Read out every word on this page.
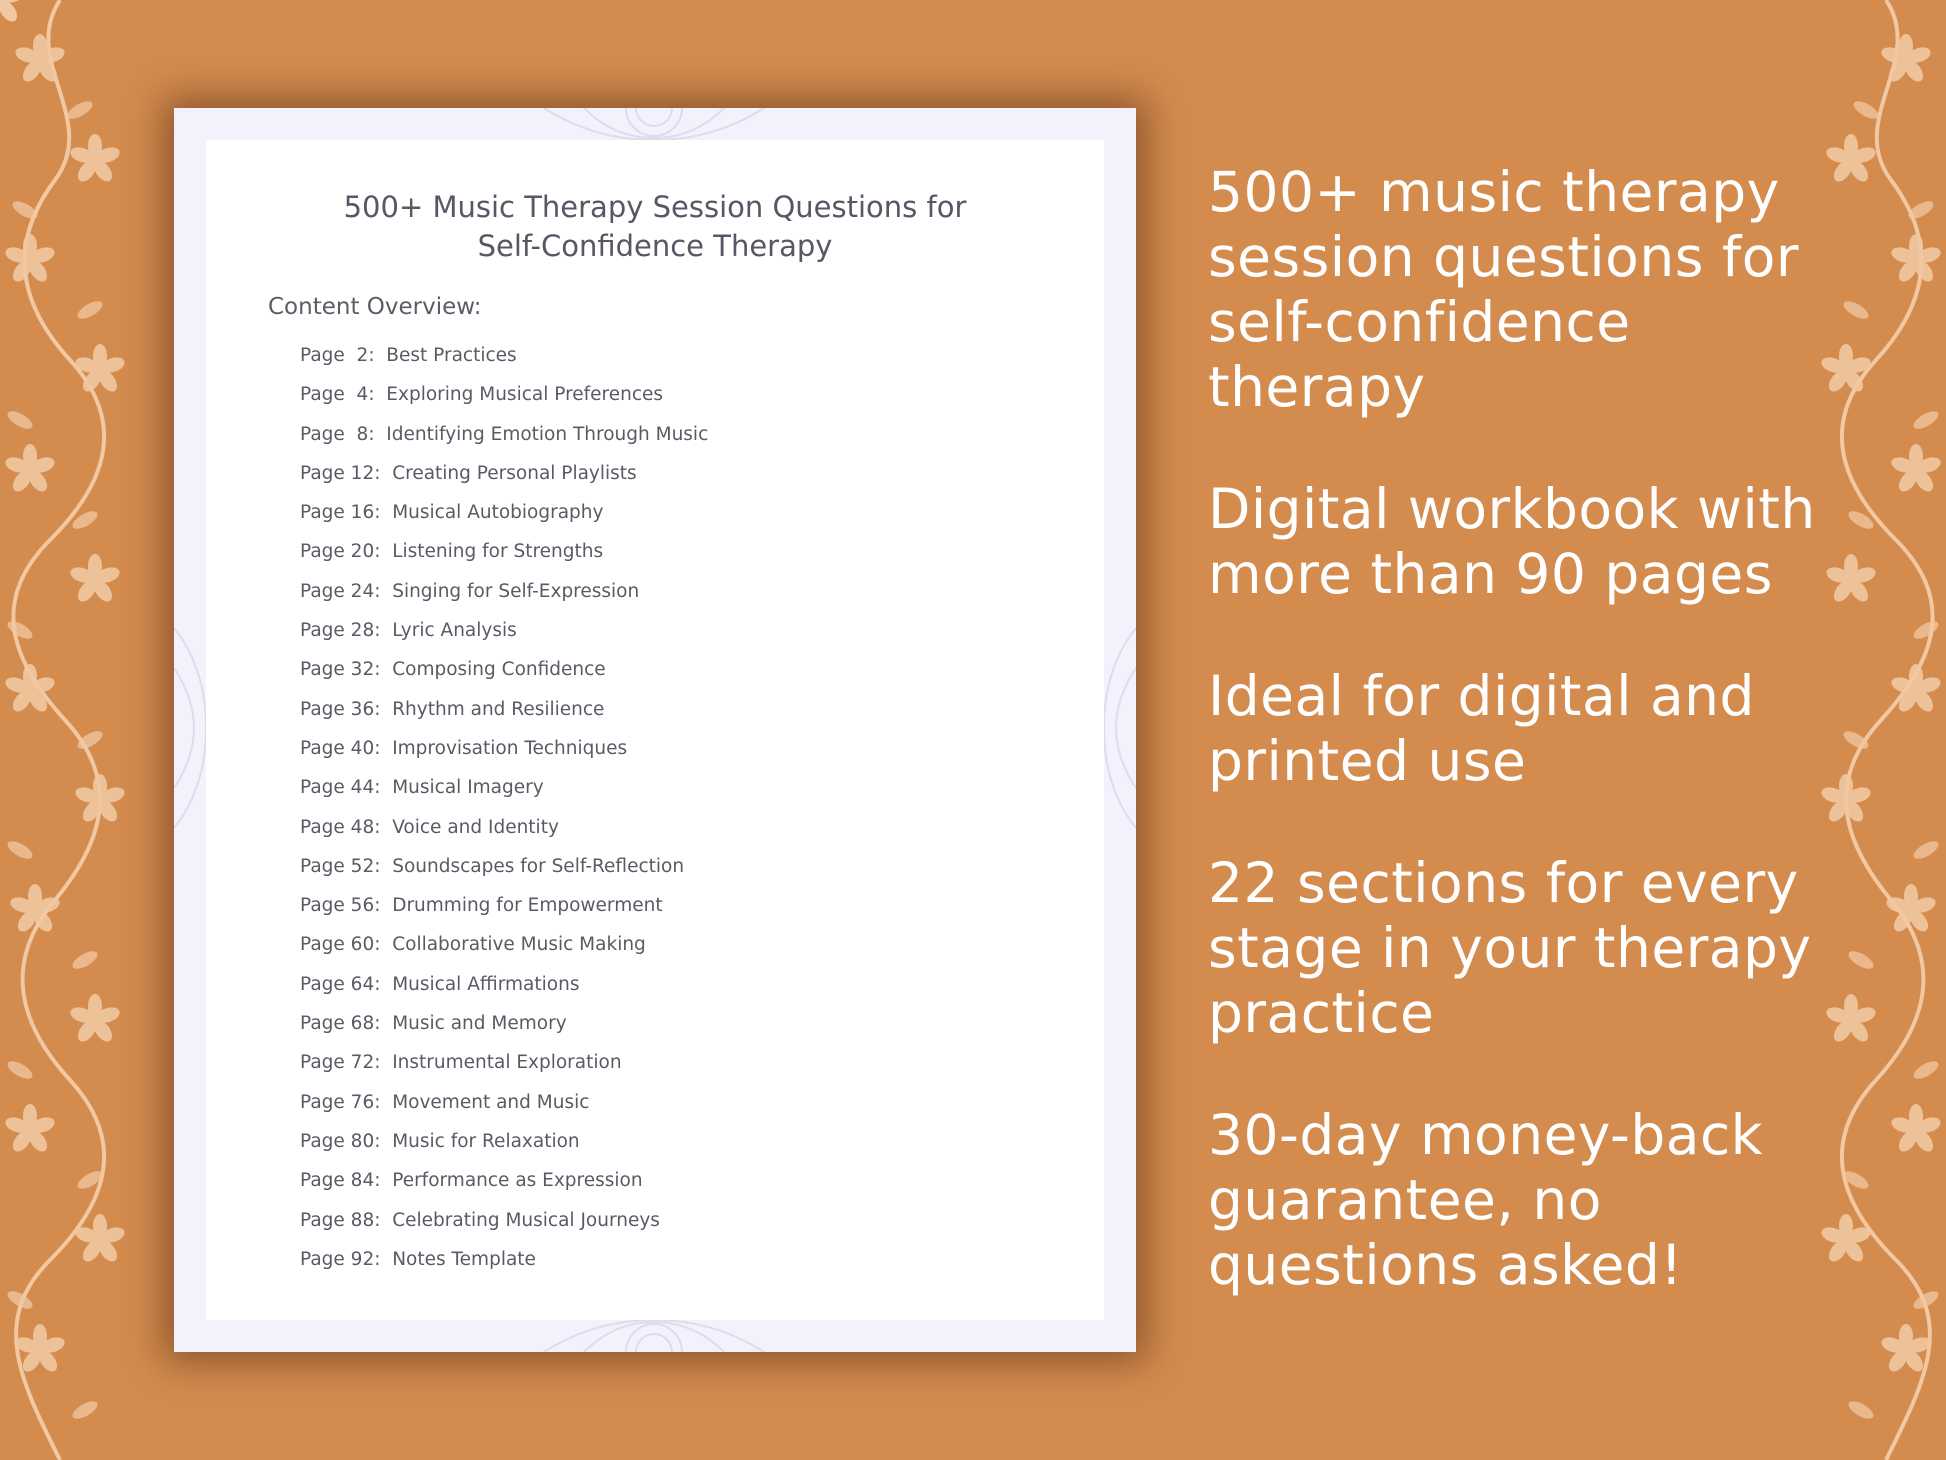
500+ Music Therapy Session Questions for
Self-Confidence Therapy
Content Overview:
Page  2:  Best Practices
Page  4:  Exploring Musical Preferences
Page  8:  Identifying Emotion Through Music
Page 12:  Creating Personal Playlists
Page 16:  Musical Autobiography
Page 20:  Listening for Strengths
Page 24:  Singing for Self-Expression
Page 28:  Lyric Analysis
Page 32:  Composing Confidence
Page 36:  Rhythm and Resilience
Page 40:  Improvisation Techniques
Page 44:  Musical Imagery
Page 48:  Voice and Identity
Page 52:  Soundscapes for Self-Reflection
Page 56:  Drumming for Empowerment
Page 60:  Collaborative Music Making
Page 64:  Musical Affirmations
Page 68:  Music and Memory
Page 72:  Instrumental Exploration
Page 76:  Movement and Music
Page 80:  Music for Relaxation
Page 84:  Performance as Expression
Page 88:  Celebrating Musical Journeys
Page 92:  Notes Template
500+ music therapy
session questions for
self-confidence
therapy
Digital workbook with
more than 90 pages
Ideal for digital and
printed use
22 sections for every
stage in your therapy
practice
30-day money-back
guarantee, no
questions asked!
